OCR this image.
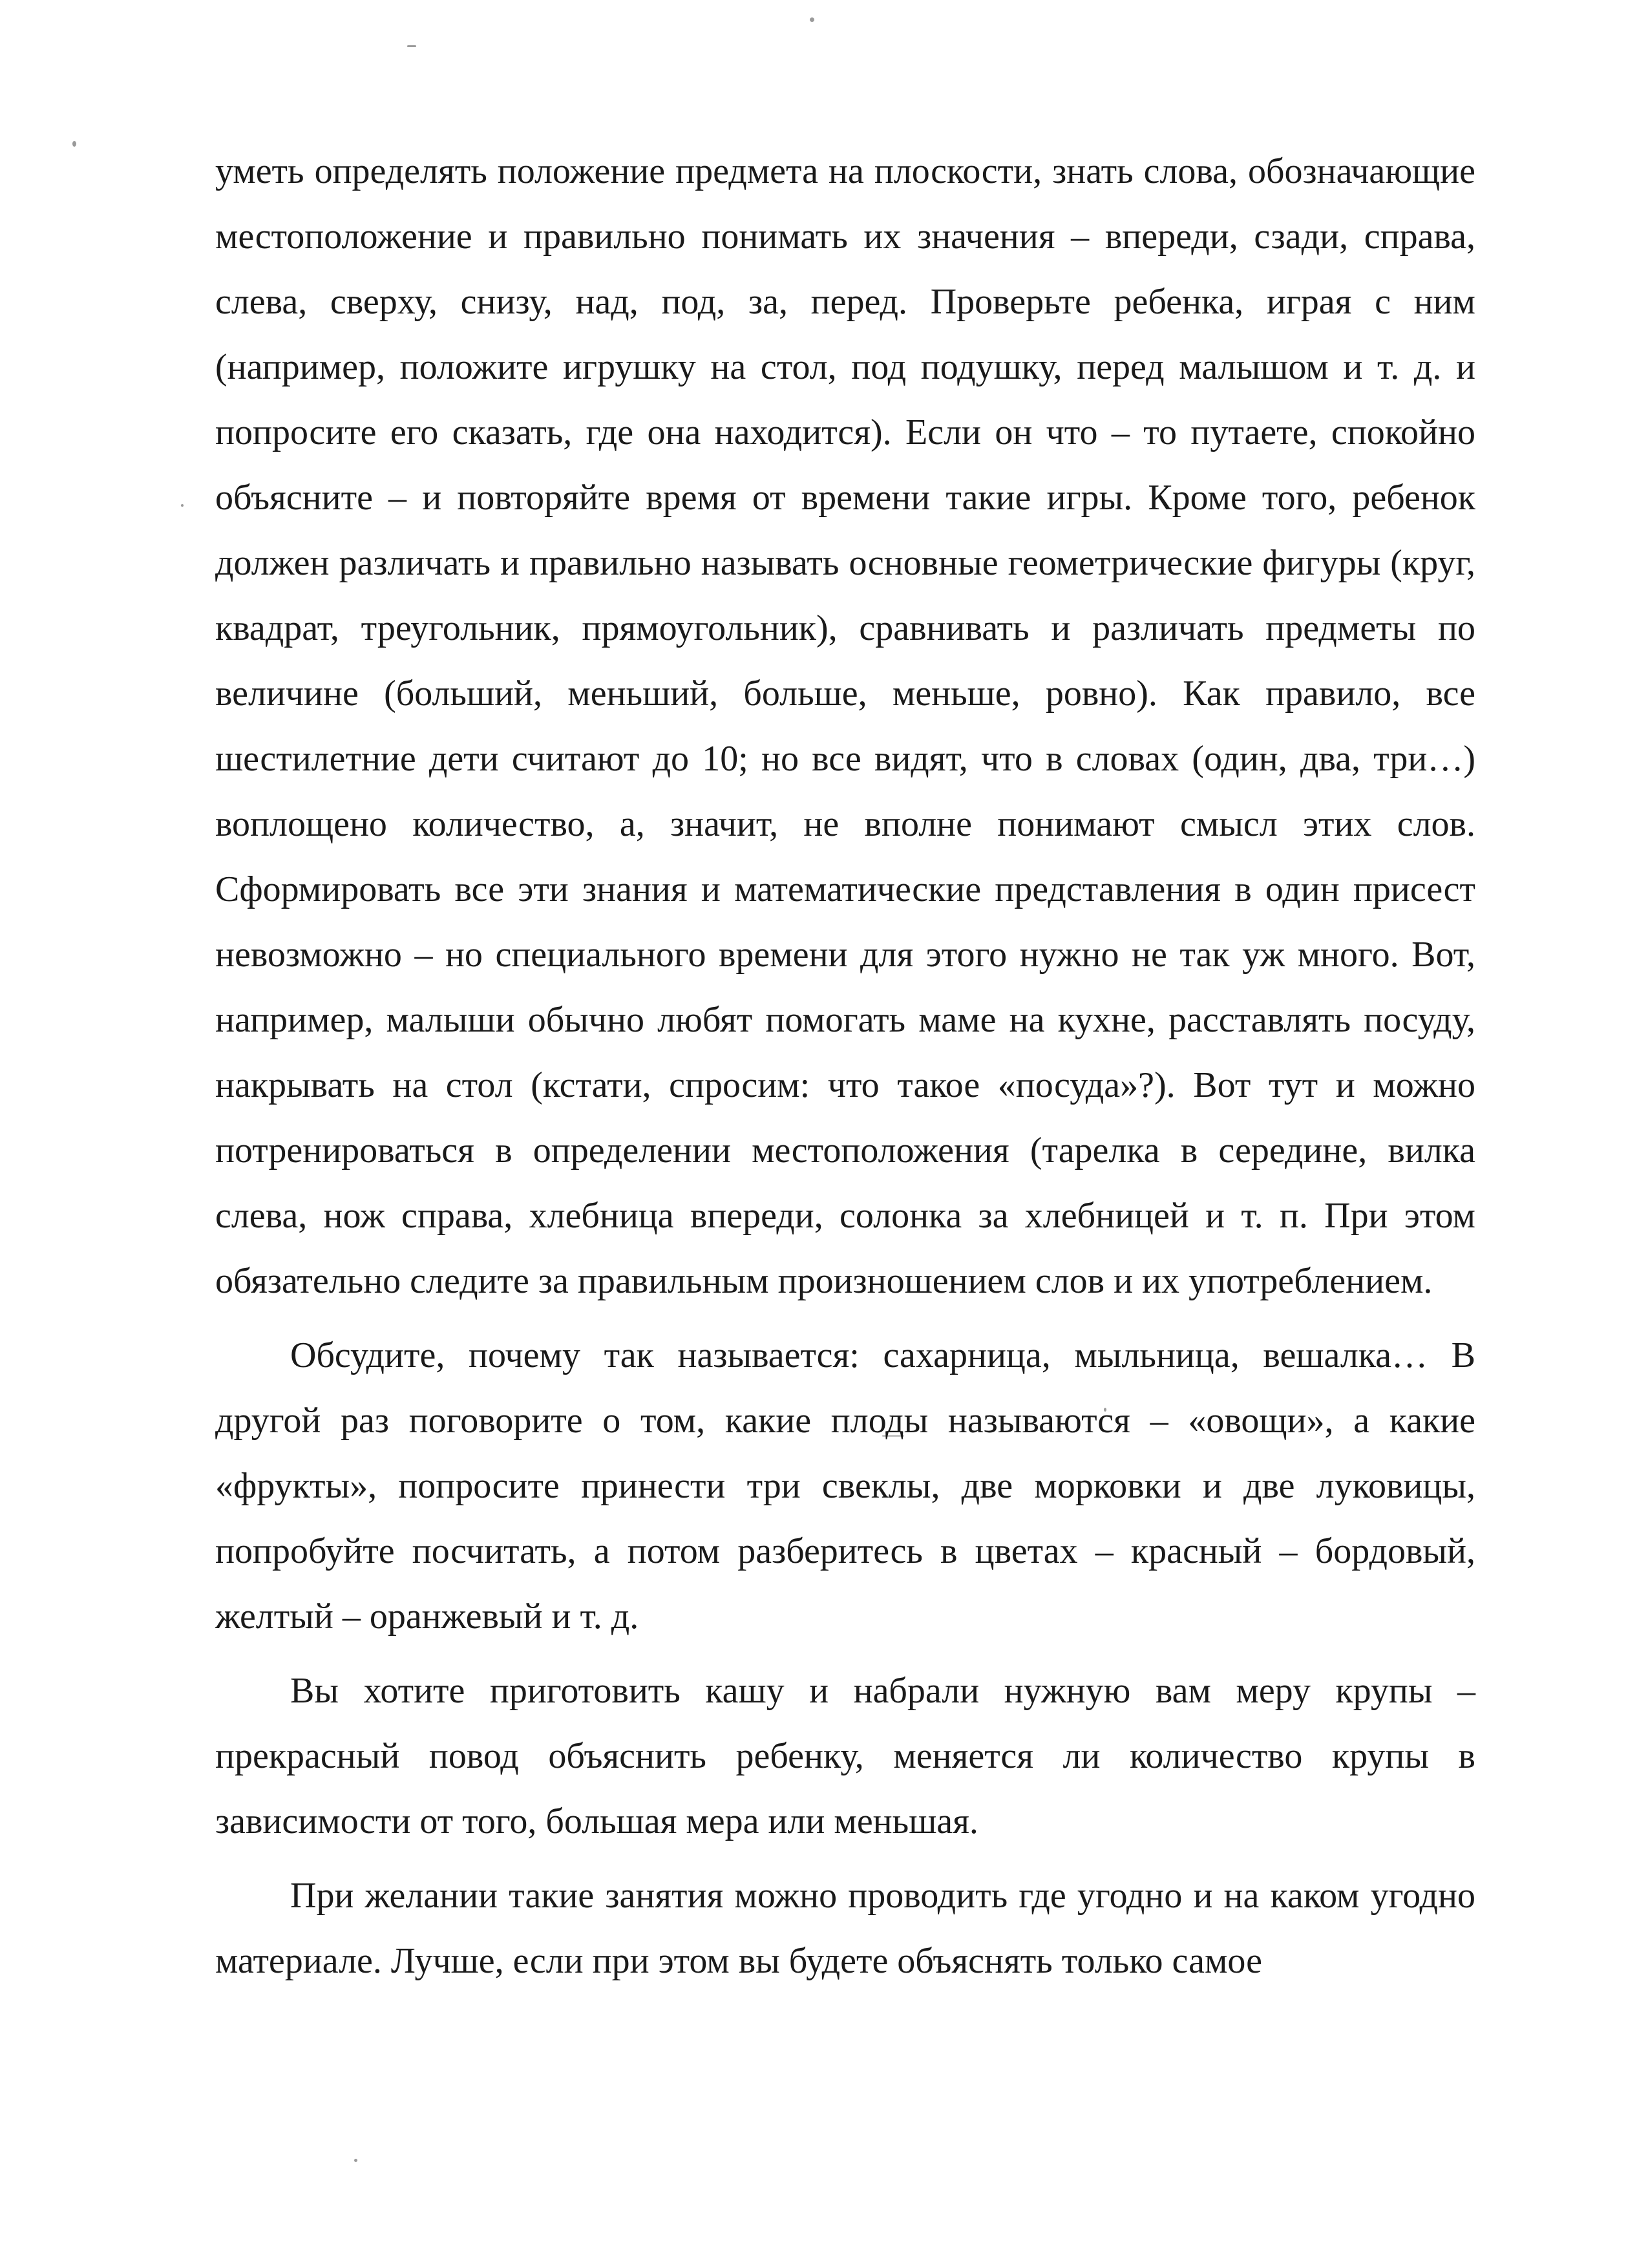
уметь определять положение предмета на плоскости, знать слова, обозначающие местоположение и правильно понимать их значения – впереди, сзади, справа, слева, сверху, снизу, над, под, за, перед. Проверьте ребенка, играя с ним (например, положите игрушку на стол, под подушку, перед малышом и т. д. и попросите его сказать, где она находится). Если он что – то путаете, спокойно объясните – и повторяйте время от времени такие игры. Кроме того, ребенок должен различать и правильно называть основные геометрические фигуры (круг, квадрат, треугольник, прямоугольник), сравнивать и различать предметы по величине (больший, меньший, больше, меньше, ровно). Как правило, все шестилетние дети считают до 10; но все видят, что в словах (один, два, три…) воплощено количество, а, значит, не вполне понимают смысл этих слов. Сформировать все эти знания и математические представления в один присест невозможно – но специального времени для этого нужно не так уж много. Вот, например, малыши обычно любят помогать маме на кухне, расставлять посуду, накрывать на стол (кстати, спросим: что такое «посуда»?). Вот тут и можно потренироваться в определении местоположения (тарелка в середине, вилка слева, нож справа, хлебница впереди, солонка за хлебницей и т. п. При этом обязательно следите за правильным произношением слов и их употреблением.

Обсудите, почему так называется: сахарница, мыльница, вешалка… В другой раз поговорите о том, какие плоды называются – «овощи», а какие «фрукты», попросите принести три свеклы, две морковки и две луковицы, попробуйте посчитать, а потом разберитесь в цветах – красный – бордовый, желтый – оранжевый и т. д.

Вы хотите приготовить кашу и набрали нужную вам меру крупы – прекрасный повод объяснить ребенку, меняется ли количество крупы в зависимости от того, большая мера или меньшая.

При желании такие занятия можно проводить где угодно и на каком угодно материале. Лучше, если при этом вы будете объяснять только самое
